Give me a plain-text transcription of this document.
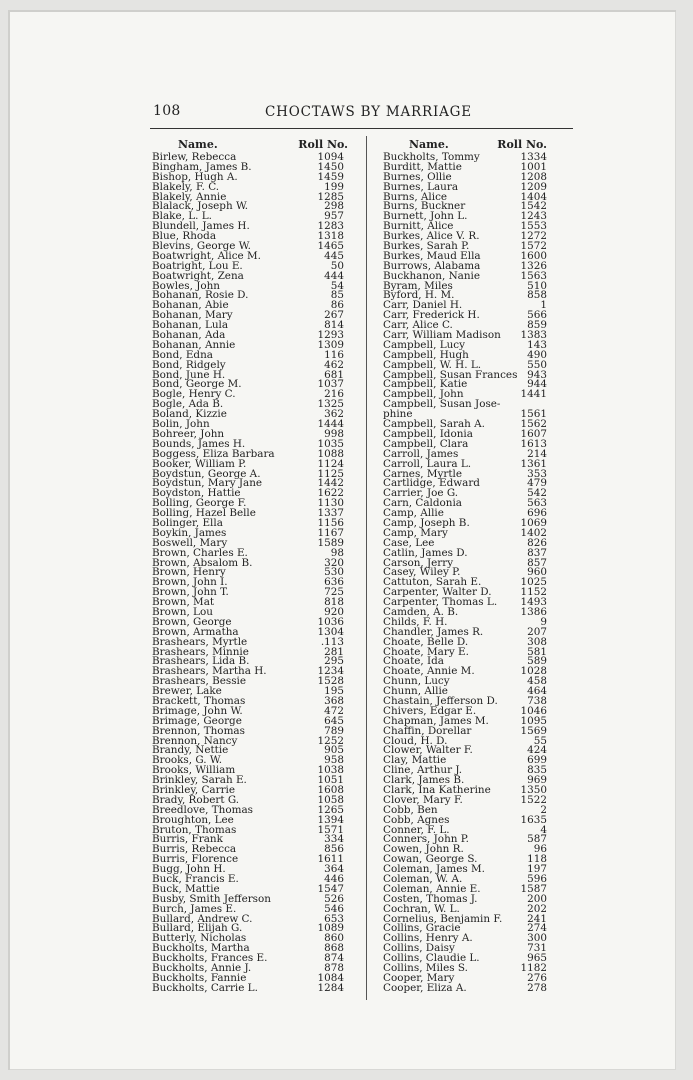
108	CHOCTAWS BY MARRIAGE
Name.	Roll No.
Birlew, Rebecca	1094
Bingham, James B.	1450
Bishop, Hugh A.	1459
Blakely, F. C.	199
Blakely, Annie	1285
Blalack, Joseph W.	298
Blake, L. L.	957
Blundell, James H.	1283
Blue, Rhoda	1318
Blevins, George W.	1465
Boatwright, Alice M.	445
Boatright, Lou E.	50
Boatwright, Zena	444
Bowles, John	54
Bohanan, Rosie D.	85
Bohanan, Abie	86
Bohanan, Mary	267
Bohanan, Lula	814
Bohanan, Ada	1293
Bohanan, Annie	1309
Bond, Edna	116
Bond, Ridgely	462
Bond, June H.	681
Bond, George M.	1037
Bogle, Henry C.	216
Bogle, Ada B.	1325
Boland, Kizzie	362
Bolin, John	1444
Bohreer, John	998
Bounds, James H.	1035
Boggess, Eliza Barbara	1088
Booker, William P.	1124
Boydstun, George A.	1125
Boydstun, Mary Jane	1442
Boydston, Hattie	1622
Bolling, George F.	1130
Bolling, Hazel Belle	1337
Bolinger, Ella	1156
Boykin, James	1167
Boswell, Mary	1589
Brown, Charles E.	98
Brown, Absalom B.	320
Brown, Henry	530
Brown, John I.	636
Brown, John T.	725
Brown, Mat	818
Brown, Lou	920
Brown, George	1036
Brown, Armatha	1304
Brashears, Myrtle	.113
Brashears, Minnie	281
Brashears, Lida B.	295
Brashears, Martha H.	1234
Brashears, Bessie	1528
Brewer, Lake	195
Brackett, Thomas	368
Brimage, John W.	472
Brimage, George	645
Brennon, Thomas	789
Brennon, Nancy	1252
Brandy, Nettie	905
Brooks, G. W.	958
Brooks, William	1038
Brinkley, Sarah E.	1051
Brinkley, Carrie	1608
Brady, Robert G.	1058
Breedlove, Thomas	1265
Broughton, Lee	1394
Bruton, Thomas	1571
Burris, Frank	334
Burris, Rebecca	856
Burris, Florence	1611
Bugg, John H.	364
Buck, Francis E.	446
Buck, Mattie	1547
Busby, Smith Jefferson	526
Burch, James E.	546
Bullard, Andrew C.	653
Bullard, Elijah G.	1089
Butterly, Nicholas	860
Buckholts, Martha	868
Buckholts, Frances E.	874
Buckholts, Annie J.	878
Buckholts, Fannie	1084
Buckholts, Carrie L.	1284
Name.	Roll No.
Buckholts, Tommy	1334
Burditt, Mattie	1001
Burnes, Ollie	1208
Burnes, Laura	1209
Burns, Alice	1404
Burns, Buckner	1542
Burnett, John L.	1243
Burnitt, Alice	1553
Burkes, Alice V. R.	1272
Burkes, Sarah P.	1572
Burkes, Maud Ella	1600
Burrows, Alabama	1326
Buckhanon, Nanie	1563
Byram, Miles	510
Byford, H. M.	858
Carr, Daniel H.	1
Carr, Frederick H.	566
Carr, Alice C.	859
Carr, William Madison 1383
Campbell, Lucy	143
Campbell, Hugh	490
Campbell, W. H. L.	550
Campbell, Susan Frances 943
Campbell, Katie	944
Campbell, John	1441
Campbell, Susan Jose-
phine	1561
Campbell, Sarah A.	1562
Campbell, Idonia	1607
Campbell, Clara	1613
Carroll, James	214
Carroll, Laura L.	1361
Carnes, Myrtle	353
Cartlidge, Edward	479
Carrier, Joe G.	542
Carn, Caldonia	563
Camp, Allie	696
Camp, Joseph B.	1069
Camp, Mary	1402
Case, Lee	826
Catlin, James D.	837
Carson, Jerry	857
Casey, Wiley P.	960
Cattuton, Sarah E.	1025
Carpenter, Walter D.	1152
Carpenter, Thomas L. 1493
Camden, A. B.	1386
Childs, F. H.	9
Chandler, James R.	207
Choate, Belle D.	308
Choate, Mary E.	581
Choate, Ida	589
Choate, Annie M.	1028
Chunn, Lucy	458
Chunn, Allie	464
Chastain, Jefferson D.	738
Chivers, Edgar E.	1046
Chapman, James M.	1095
Chaffin, Dorellar	1569
Cloud, H. D.	55
Clower, Walter F.	424
Clay, Mattie	699
Cline, Arthur J.	835
Clark, James B.	969
Clark, Ina Katherine	1350
Clover, Mary F.	1522
Cobb, Ben	2
Cobb, Agnes	1635
Conner, F. L.	4
Conners, John P.	587
Cowen, John R.	96
Cowan, George S.	118
Coleman, James M.	197
Coleman, W. A.	596
Coleman, Annie E.	1587
Costen, Thomas J.	200
Cochran, W. L.	202
Cornelius, Benjamin F. 241
Collins, Gracie	274
Collins, Henry A.	300
Collins, Daisy	731
Collins, Claudie L.	965
Collins, Miles S.	1182
Cooper, Mary	276
Cooper, Eliza A.	278
